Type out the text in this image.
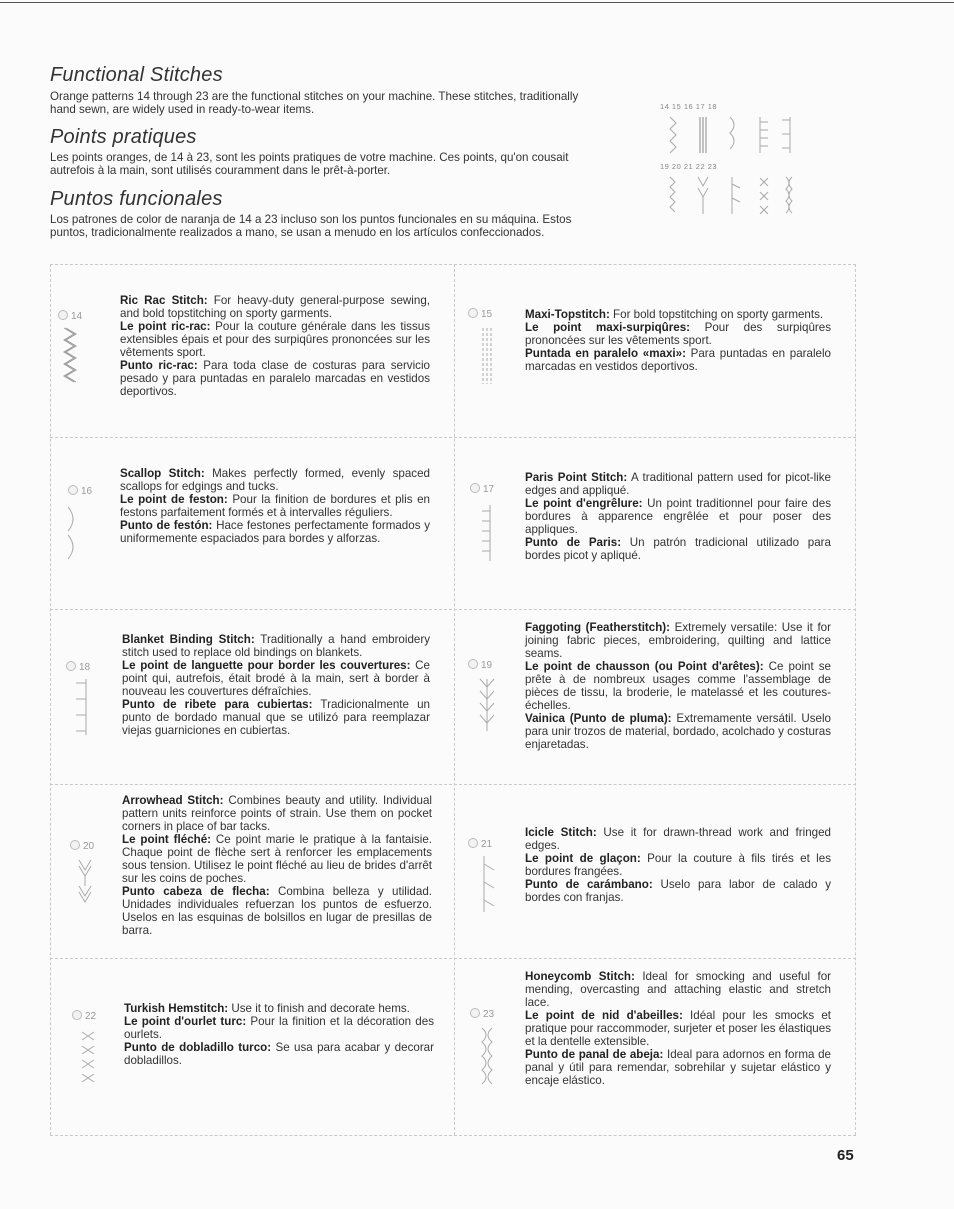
Functional Stitches

Orange patterns 14 through 23 are the functional stitches on your machine. These stitches, traditionally hand sewn, are widely used in ready-to-wear items.

Points pratiques

Les points oranges, de 14 à 23, sont les points pratiques de votre machine. Ces points, qu'on cousait autrefois à la main, sont utilisés couramment dans le prêt-à-porter.

Puntos funcionales

Los patrones de color de naranja de 14 a 23 incluso son los puntos funcionales en su máquina. Estos puntos, tradicionalmente realizados a mano, se usan a menudo en los artículos confeccionados.

14 15 16 17 18
19 20 21 22 23
14

Ric Rac Stitch: For heavy-duty general-purpose sewing, and bold topstitching on sporty garments.

Le point ric-rac: Pour la couture générale dans les tissus extensibles épais et pour des surpiqûres prononcées sur les vêtements sport.

Punto ric-rac: Para toda clase de costuras para servicio pesado y para puntadas en paralelo marcadas en vestidos deportivos.

15	Maxi-Topstitch: For bold topstitching on sporty garments.

Le point maxi-surpiqûres: Pour des surpiqûres prononcées sur les vêtements sport.

Puntada en paralelo «maxi»: Para puntadas en paralelo marcadas en vestidos deportivos.

16

Scallop Stitch: Makes perfectly formed, evenly spaced scallops for edgings and tucks.

Le point de feston: Pour la finition de bordures et plis en festons parfaitement formés et à intervalles réguliers.

Punto de festón: Hace festones perfectamente formados y uniformemente espaciados para bordes y alforzas.

17

Paris Point Stitch: A traditional pattern used for picot-like edges and appliqué.

Le point d'engrêlure: Un point traditionnel pour faire des bordures à apparence engrêlée et pour poser des appliques.

Punto de Paris: Un patrón tradicional utilizado para bordes picot y apliqué.

18

Blanket Binding Stitch: Traditionally a hand embroidery stitch used to replace old bindings on blankets.

Le point de languette pour border les couvertures: Ce point qui, autrefois, était brodé à la main, sert à border à nouveau les couvertures défraîchies.

Punto de ribete para cubiertas: Tradicionalmente un punto de bordado manual que se utilizó para reemplazar viejas guarniciones en cubiertas.

19

Faggoting (Featherstitch): Extremely versatile: Use it for joining fabric pieces, embroidering, quilting and lattice seams.

Le point de chausson (ou Point d'arêtes): Ce point se prête à de nombreux usages comme l'assemblage de pièces de tissu, la broderie, le matelassé et les coutures-échelles.

Vainica (Punto de pluma): Extremamente versátil. Uselo para unir trozos de material, bordado, acolchado y costuras enjaretadas.

20

Arrowhead Stitch: Combines beauty and utility. Individual pattern units reinforce points of strain. Use them on pocket corners in place of bar tacks.

Le point fléché: Ce point marie le pratique à la fantaisie. Chaque point de flèche sert à renforcer les emplacements sous tension. Utilisez le point fléché au lieu de brides d'arrêt sur les coins de poches.

Punto cabeza de flecha: Combina belleza y utilidad. Unidades individuales refuerzan los puntos de esfuerzo. Uselos en las esquinas de bolsillos en lugar de presillas de barra.

21

Icicle Stitch: Use it for drawn-thread work and fringed edges.

Le point de glaçon: Pour la couture à fils tirés et les bordures frangées.

Punto de carámbano: Uselo para labor de calado y bordes con franjas.

22

Turkish Hemstitch: Use it to finish and decorate hems.

Le point d'ourlet turc: Pour la finition et la décoration des ourlets.

Punto de dobladillo turco: Se usa para acabar y decorar dobladillos.

23

Honeycomb Stitch: Ideal for smocking and useful for mending, overcasting and attaching elastic and stretch lace.

Le point de nid d'abeilles: Idéal pour les smocks et pratique pour raccommoder, surjeter et poser les élastiques et la dentelle extensible.

Punto de panal de abeja: Ideal para adornos en forma de panal y útil para remendar, sobrehilar y sujetar elástico y encaje elástico.

65
